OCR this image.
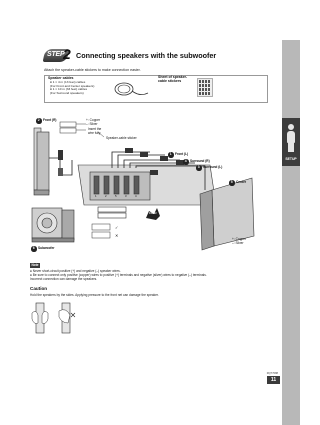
SETUP
STEP
2 Connecting speakers with the subwoofer
Attach the speaker-cable stickers to make connection easier.
Speaker cables
● 1 × 4 m (13 feet) cables
(For Front and Center speakers)
● 1 × 10 m (33 feet) cables
(For Surround speakers)
Sheet of speaker-cable stickers
✓
✕
2	Front (R)	+: Copper
–: Silver
Insert the
wire fully.
Speaker-cable sticker
1	Front (L)
4	Surround (R)
3	Surround (L)
5	Center
+: Copper
–: Silver
6	Subwoofer
Click!
1	2	5	3	4
Note
● Never short-circuit positive (+) and negative (–) speaker wires.
● Be sure to connect only positive (copper) wires to positive (+) terminals and negative (silver) wires to negative (–) terminals.
Incorrect connection can damage the speakers.
Caution
Hold the speakers by the sides. Applying pressure to the front net can damage the speaker.
RQT7088
11
